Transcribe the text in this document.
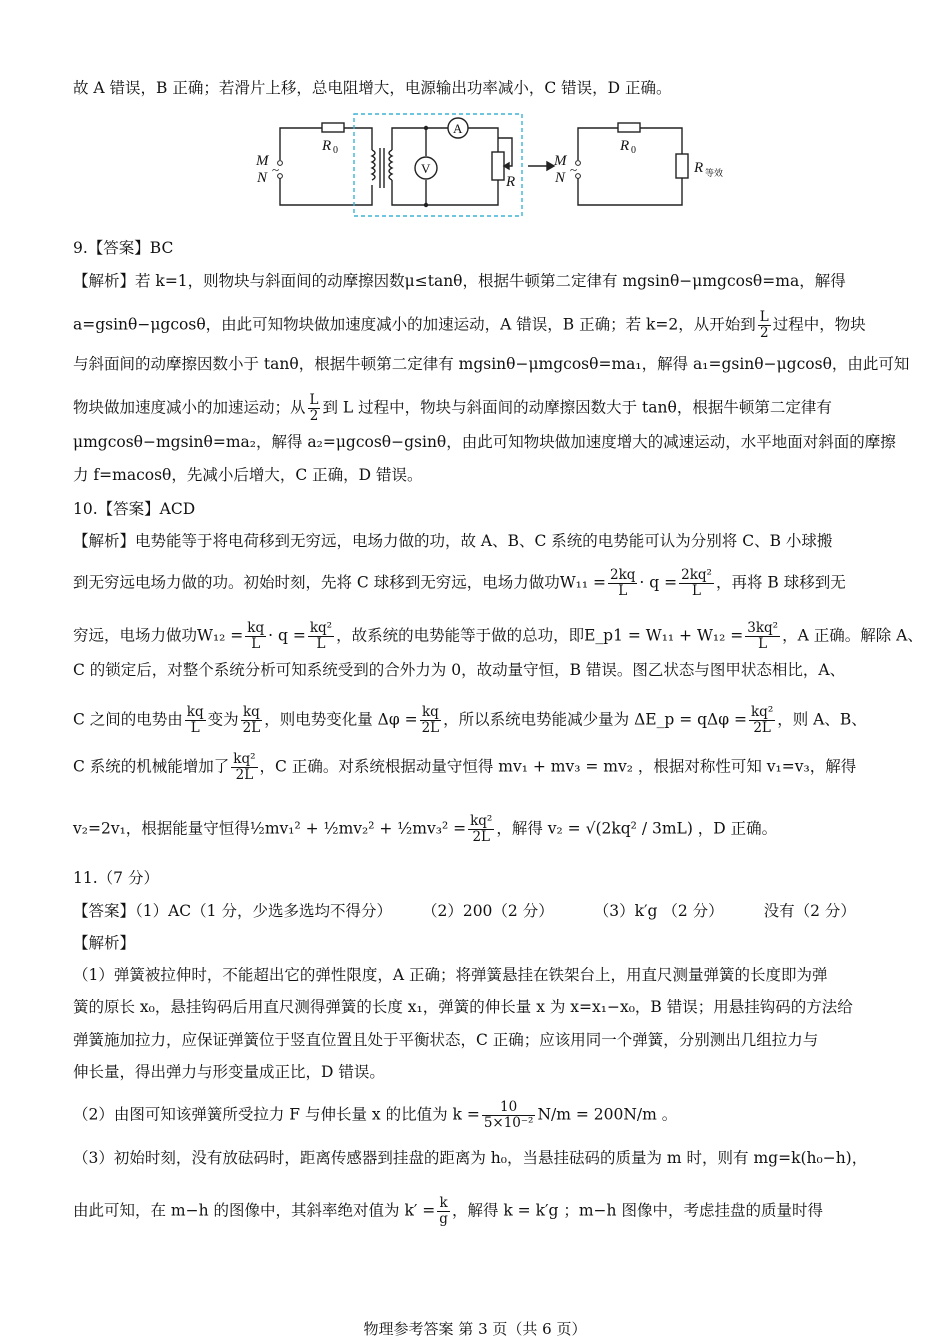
故 A 错误，B 正确；若滑片上移，总电阻增大，电源输出功率减小，C 错误，D 正确。
A
V
M
N
~
R 0
R
M
N
~
R 0
R 等效
9.【答案】BC
【解析】若 k=1，则物块与斜面间的动摩擦因数μ≤tanθ，根据牛顿第二定律有 mgsinθ−μmgcosθ=ma，解得
a=gsinθ−μgcosθ，由此可知物块做加速度减小的加速运动，A 错误，B 正确；若 k=2，从开始到 $\frac{L}{2}$ 过程中，物块
与斜面间的动摩擦因数小于 tanθ，根据牛顿第二定律有 mgsinθ−μmgcosθ=ma₁，解得 a₁=gsinθ−μgcosθ，由此可知
物块做加速度减小的加速运动；从 $\frac{L}{2}$ 到 L 过程中，物块与斜面间的动摩擦因数大于 tanθ，根据牛顿第二定律有
μmgcosθ−mgsinθ=ma₂，解得 a₂=μgcosθ−gsinθ，由此可知物块做加速度增大的减速运动，水平地面对斜面的摩擦
力 f=macosθ，先减小后增大，C 正确，D 错误。
10.【答案】ACD
【解析】电势能等于将电荷移到无穷远，电场力做的功，故 A、B、C 系统的电势能可认为分别将 C、B 小球搬
到无穷远电场力做的功。初始时刻，先将 C 球移到无穷远，电场力做功$W_{11} = \frac{2kq}{L} \cdot q = \frac{\text{2kq²}}{L}$ ，再将 B 球移到无
穷远，电场力做功$W_{12} = \frac{kq}{L} \cdot q = \frac{\text{kq²}}{L}$ ，故系统的电势能等于做的总功，即E_p1 = $W_{11} + W_{12} = \frac{\text{3kq²}}{L}$ ，A 正确。解除 A、
C 的锁定后，对整个系统分析可知系统受到的合外力为 0，故动量守恒，B 错误。图乙状态与图甲状态相比，A、
C 之间的电势由 $\frac{kq}{L}$ 变为 $\frac{kq}{2L}$ ，则电势变化量 $\Delta\varphi = \frac{kq}{2L}$ ，所以系统电势能减少量为 ΔE_p = $q\Delta\varphi = \frac{\text{kq²}}{2L}$ ，则 A、B、
C 系统的机械能增加了 $\frac{\text{kq²}}{2L}$ ，C 正确。对系统根据动量守恒得 mv₁ + mv₃ = mv₂ ，根据对称性可知 v₁=v₃，解得
v₂=2v₁，根据能量守恒得½mv₁² + ½mv₂² + ½mv₃² = $\frac{\text{kq²}}{2L}$ ，解得 v₂ = √(2kq² / 3mL) ，D 正确。
11.（7 分）
【答案】（1）AC（1 分，少选多选均不得分） （2）200（2 分）	（3）k′g （2 分）	没有（2 分）
【解析】
（1）弹簧被拉伸时，不能超出它的弹性限度，A 正确；将弹簧悬挂在铁架台上，用直尺测量弹簧的长度即为弹
簧的原长 x₀，悬挂钩码后用直尺测得弹簧的长度 x₁，弹簧的伸长量 x 为 x=x₁−x₀，B 错误；用悬挂钩码的方法给
弹簧施加拉力，应保证弹簧位于竖直位置且处于平衡状态，C 正确；应该用同一个弹簧，分别测出几组拉力与
伸长量，得出弹力与形变量成正比，D 错误。
（2）由图可知该弹簧所受拉力 F 与伸长量 x 的比值为 $k = \frac{10}{\text{5×10⁻²}} N/m = 200N/m$ 。
（3）初始时刻，没有放砝码时，距离传感器到挂盘的距离为 h₀，当悬挂砝码的质量为 m 时，则有 mg=k(h₀−h)，
由此可知，在 m−h 的图像中，其斜率绝对值为 $k' = \frac{k}{g}$ ，解得 k = k′g ；m−h 图像中，考虑挂盘的质量时得
物理参考答案 第 3 页（共 6 页）
